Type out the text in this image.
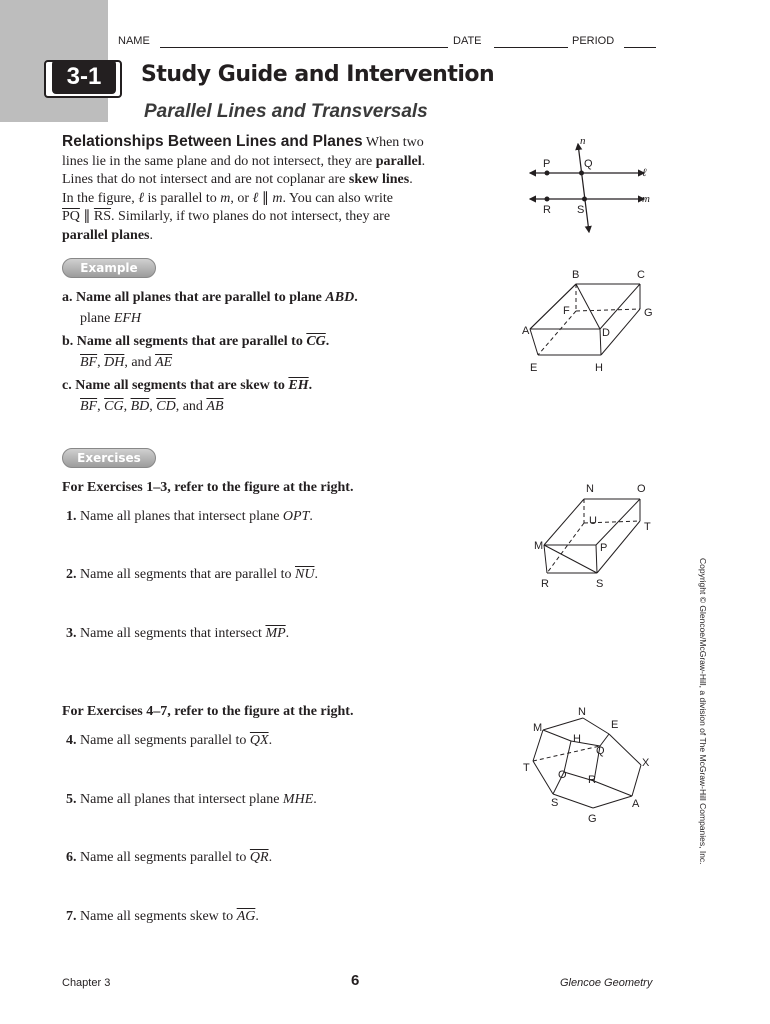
NAME	DATE	PERIOD
3-1	Study Guide and Intervention
Parallel Lines and Transversals
Relationships Between Lines and Planes When two
lines lie in the same plane and do not intersect, they are parallel.
Lines that do not intersect and are not coplanar are skew lines.
In the figure, ℓ is parallel to m, or ℓ ∥ m. You can also write
$\overline{PQ}$ ∥ $\overline{RS}$. Similarly, if two planes do not intersect, they are
parallel planes.
n
P	Q
ℓ
m
R S
Example
a. Name all planes that are parallel to plane ABD.
plane EFH
b. Name all segments that are parallel to $\overline{CG}$.
$\overline{BF}$, $\overline{DH}$, and $\overline{AE}$
c. Name all segments that are skew to $\overline{EH}$.
$\overline{BF}$, $\overline{CG}$, $\overline{BD}$, $\overline{CD}$, and $\overline{AB}$
B	C
F	G
A	D
E	H
Exercises
For Exercises 1–3, refer to the figure at the right.
1. Name all planes that intersect plane OPT.
2. Name all segments that are parallel to $\overline{NU}$.
3. Name all segments that intersect $\overline{MP}$.
N	O
U	T
M	P
R	S
For Exercises 4–7, refer to the figure at the right.
4. Name all segments parallel to $\overline{QX}$.
5. Name all planes that intersect plane MHE.
6. Name all segments parallel to $\overline{QR}$.
7. Name all segments skew to $\overline{AG}$.
N
M	E
H
Q
X
T
O R
S	A
G	Copyright © Glencoe/McGraw-Hill, a division of The McGraw-Hill Companies, Inc.
Chapter 3	6	Glencoe Geometry
